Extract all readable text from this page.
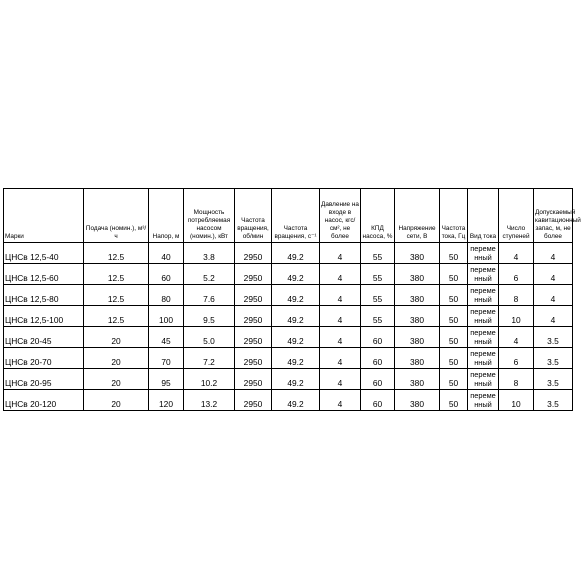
Марки	Подача (номин.), м³/ч	Напор, м	Мощность потребляемая насосом (номин.), кВт	Частота вращения, об/мин	Частота вращения, с⁻¹	Давление на входе в насос, кгс/см², не более	КПД насоса, %	Напряжение сети, В	Частота тока, Гц	Вид тока	Число ступеней	Допускаемый кавитационный запас, м, не более
ЦНСв 12,5-40	12.5	40	3.8	2950	49.2	4	55	380	50	переменный	4	4
ЦНСв 12,5-60	12.5	60	5.2	2950	49.2	4	55	380	50	переменный	6	4
ЦНСв 12,5-80	12.5	80	7.6	2950	49.2	4	55	380	50	переменный	8	4
ЦНСв 12,5-100	12.5	100	9.5	2950	49.2	4	55	380	50	переменный	10	4
ЦНСв 20-45	20	45	5.0	2950	49.2	4	60	380	50	переменный	4	3.5
ЦНСв 20-70	20	70	7.2	2950	49.2	4	60	380	50	переменный	6	3.5
ЦНСв 20-95	20	95	10.2	2950	49.2	4	60	380	50	переменный	8	3.5
ЦНСв 20-120	20	120	13.2	2950	49.2	4	60	380	50	переменный	10	3.5
